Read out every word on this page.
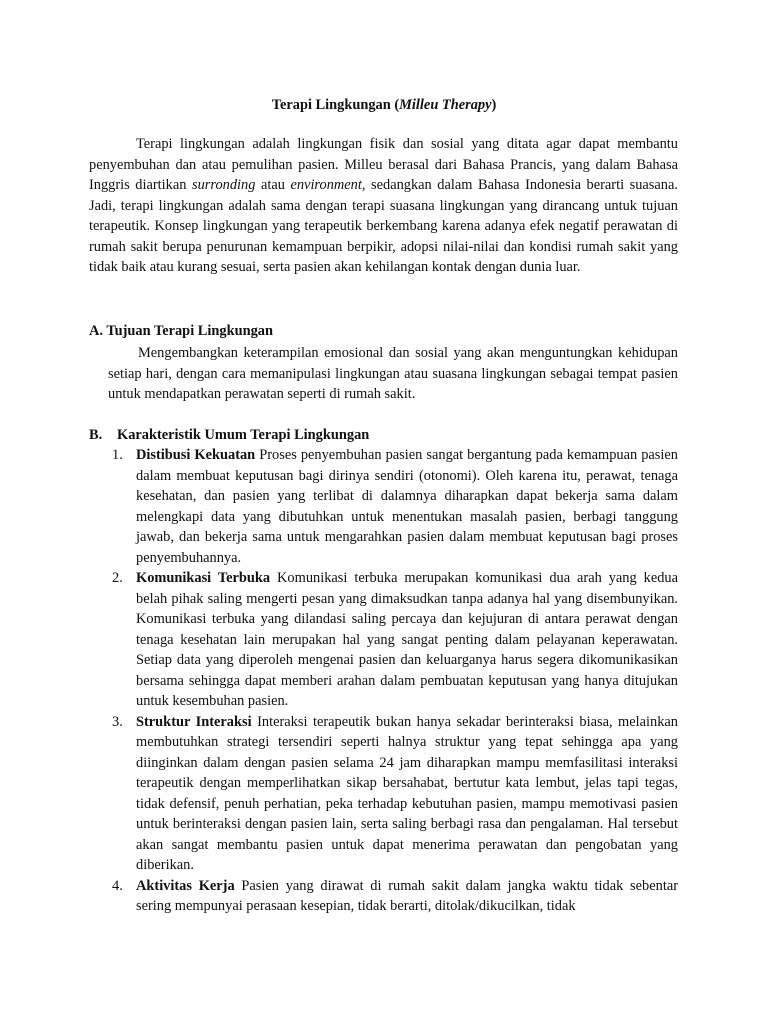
Terapi Lingkungan (Milleu Therapy)

Terapi lingkungan adalah lingkungan fisik dan sosial yang ditata agar dapat membantu penyembuhan dan atau pemulihan pasien. Milleu berasal dari Bahasa Prancis, yang dalam Bahasa Inggris diartikan surronding atau environment, sedangkan dalam Bahasa Indonesia berarti suasana. Jadi, terapi lingkungan adalah sama dengan terapi suasana lingkungan yang dirancang untuk tujuan terapeutik. Konsep lingkungan yang terapeutik berkembang karena adanya efek negatif perawatan di rumah sakit berupa penurunan kemampuan berpikir, adopsi nilai-nilai dan kondisi rumah sakit yang tidak baik atau kurang sesuai, serta pasien akan kehilangan kontak dengan dunia luar.

A. Tujuan Terapi Lingkungan

Mengembangkan keterampilan emosional dan sosial yang akan menguntungkan kehidupan setiap hari, dengan cara memanipulasi lingkungan atau suasana lingkungan sebagai tempat pasien untuk mendapatkan perawatan seperti di rumah sakit.

B. Karakteristik Umum Terapi Lingkungan

1. Distibusi Kekuatan Proses penyembuhan pasien sangat bergantung pada kemampuan pasien dalam membuat keputusan bagi dirinya sendiri (otonomi). Oleh karena itu, perawat, tenaga kesehatan, dan pasien yang terlibat di dalamnya diharapkan dapat bekerja sama dalam melengkapi data yang dibutuhkan untuk menentukan masalah pasien, berbagi tanggung jawab, dan bekerja sama untuk mengarahkan pasien dalam membuat keputusan bagi proses penyembuhannya.
2. Komunikasi Terbuka Komunikasi terbuka merupakan komunikasi dua arah yang kedua belah pihak saling mengerti pesan yang dimaksudkan tanpa adanya hal yang disembunyikan. Komunikasi terbuka yang dilandasi saling percaya dan kejujuran di antara perawat dengan tenaga kesehatan lain merupakan hal yang sangat penting dalam pelayanan keperawatan. Setiap data yang diperoleh mengenai pasien dan keluarganya harus segera dikomunikasikan bersama sehingga dapat memberi arahan dalam pembuatan keputusan yang hanya ditujukan untuk kesembuhan pasien.
3. Struktur Interaksi Interaksi terapeutik bukan hanya sekadar berinteraksi biasa, melainkan membutuhkan strategi tersendiri seperti halnya struktur yang tepat sehingga apa yang diinginkan dalam dengan pasien selama 24 jam diharapkan mampu memfasilitasi interaksi terapeutik dengan memperlihatkan sikap bersahabat, bertutur kata lembut, jelas tapi tegas, tidak defensif, penuh perhatian, peka terhadap kebutuhan pasien, mampu memotivasi pasien untuk berinteraksi dengan pasien lain, serta saling berbagi rasa dan pengalaman. Hal tersebut akan sangat membantu pasien untuk dapat menerima perawatan dan pengobatan yang diberikan.
4. Aktivitas Kerja Pasien yang dirawat di rumah sakit dalam jangka waktu tidak sebentar sering mempunyai perasaan kesepian, tidak berarti, ditolak/dikucilkan, tidak
